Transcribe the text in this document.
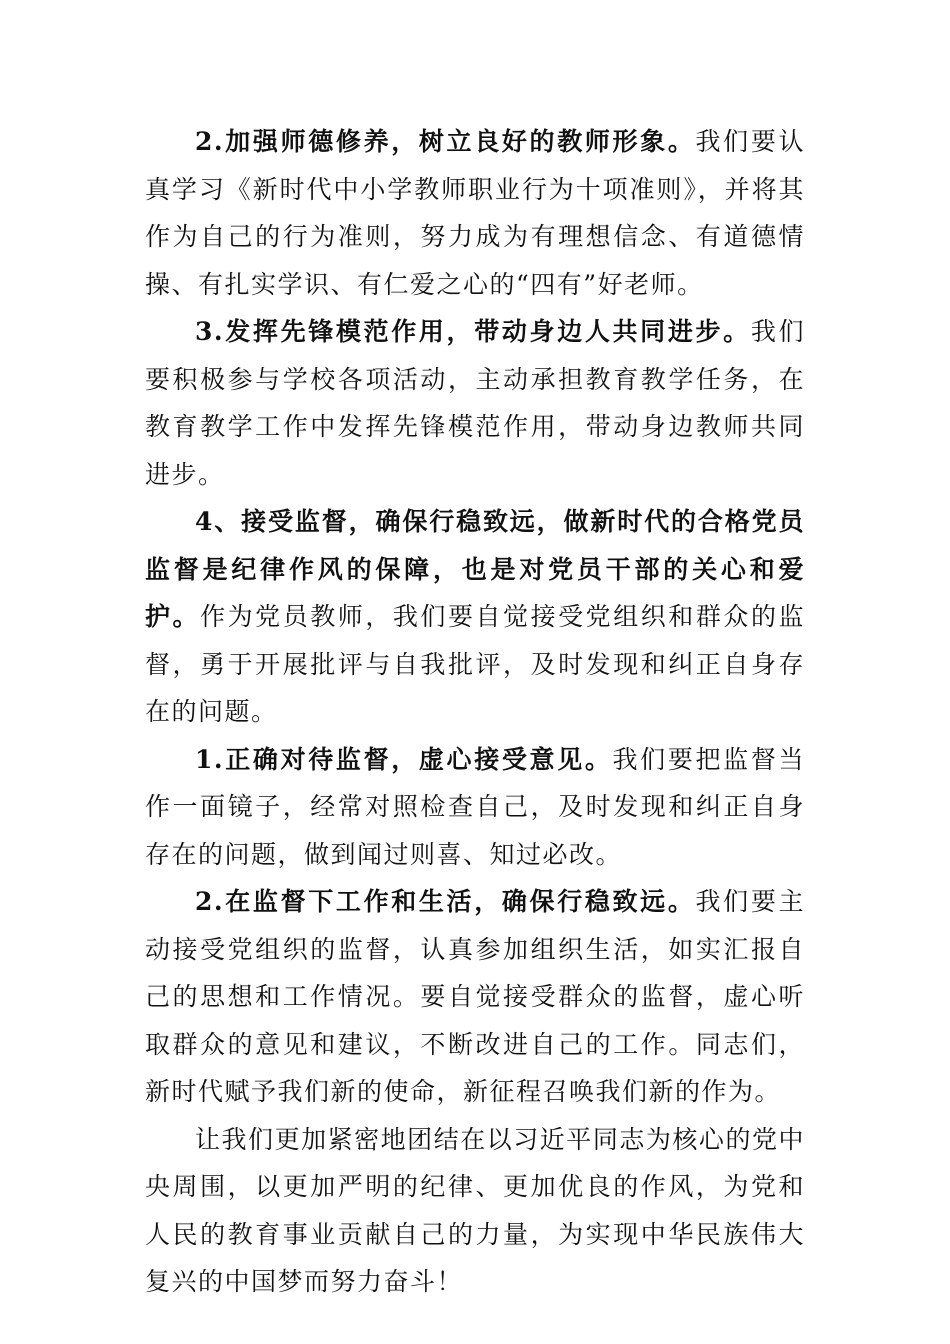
2.加强师德修养，树立良好的教师形象。我们要认真学习《新时代中小学教师职业行为十项准则》，并将其作为自己的行为准则，努力成为有理想信念、有道德情操、有扎实学识、有仁爱之心的“四有”好老师。

3.发挥先锋模范作用，带动身边人共同进步。我们要积极参与学校各项活动，主动承担教育教学任务，在教育教学工作中发挥先锋模范作用，带动身边教师共同进步。

4、接受监督，确保行稳致远，做新时代的合格党员监督是纪律作风的保障，也是对党员干部的关心和爱护。作为党员教师，我们要自觉接受党组织和群众的监督，勇于开展批评与自我批评，及时发现和纠正自身存在的问题。

1.正确对待监督，虚心接受意见。我们要把监督当作一面镜子，经常对照检查自己，及时发现和纠正自身存在的问题，做到闻过则喜、知过必改。

2.在监督下工作和生活，确保行稳致远。我们要主动接受党组织的监督，认真参加组织生活，如实汇报自己的思想和工作情况。要自觉接受群众的监督，虚心听取群众的意见和建议，不断改进自己的工作。同志们，新时代赋予我们新的使命，新征程召唤我们新的作为。

让我们更加紧密地团结在以习近平同志为核心的党中央周围，以更加严明的纪律、更加优良的作风，为党和人民的教育事业贡献自己的力量，为实现中华民族伟大复兴的中国梦而努力奋斗！
